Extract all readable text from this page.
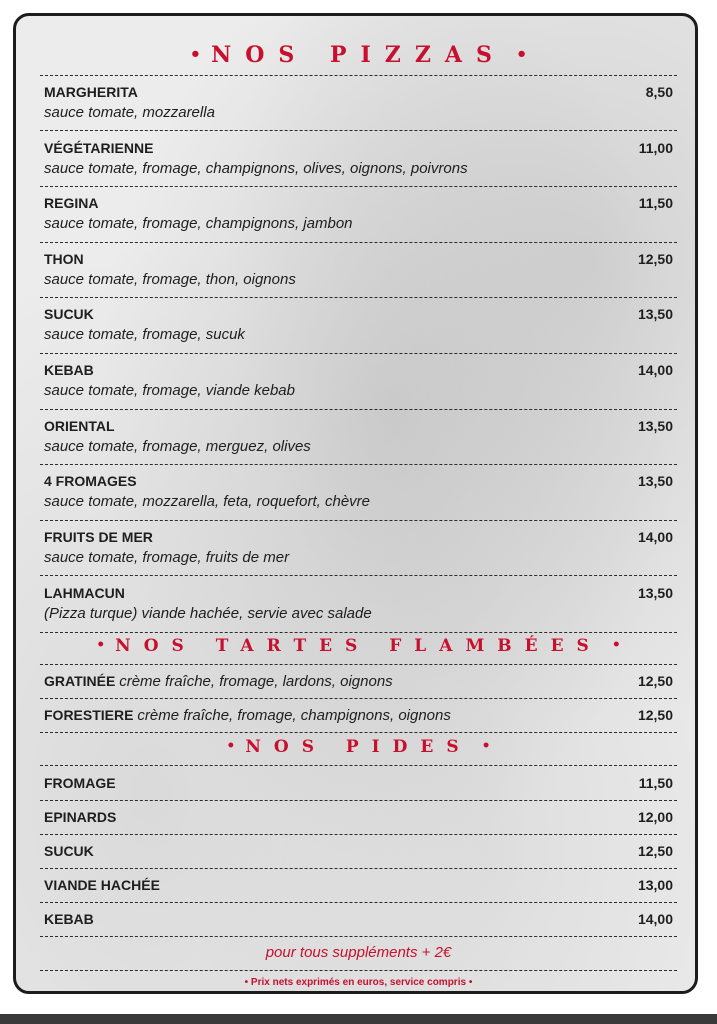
• NOS PIZZAS •
MARGHERITA	8,50
sauce tomate, mozzarella
VÉGÉTARIENNE	11,00
sauce tomate, fromage, champignons, olives, oignons, poivrons
REGINA	11,50
sauce tomate, fromage, champignons, jambon
THON	12,50
sauce tomate, fromage, thon, oignons
SUCUK	13,50
sauce tomate, fromage, sucuk
KEBAB	14,00
sauce tomate, fromage, viande kebab
ORIENTAL	13,50
sauce tomate, fromage, merguez, olives
4 FROMAGES	13,50
sauce tomate, mozzarella, feta, roquefort, chèvre
FRUITS DE MER	14,00
sauce tomate, fromage, fruits de mer
LAHMACUN	13,50
(Pizza turque) viande hachée, servie avec salade
• NOS TARTES FLAMBÉES •
GRATINÉE crème fraîche, fromage, lardons, oignons	12,50
FORESTIERE crème fraîche, fromage, champignons, oignons	12,50
• NOS PIDES •
FROMAGE	11,50
EPINARDS	12,00
SUCUK	12,50
VIANDE HACHÉE	13,00
KEBAB	14,00
pour tous suppléments + 2€
• Prix nets exprimés en euros, service compris •
